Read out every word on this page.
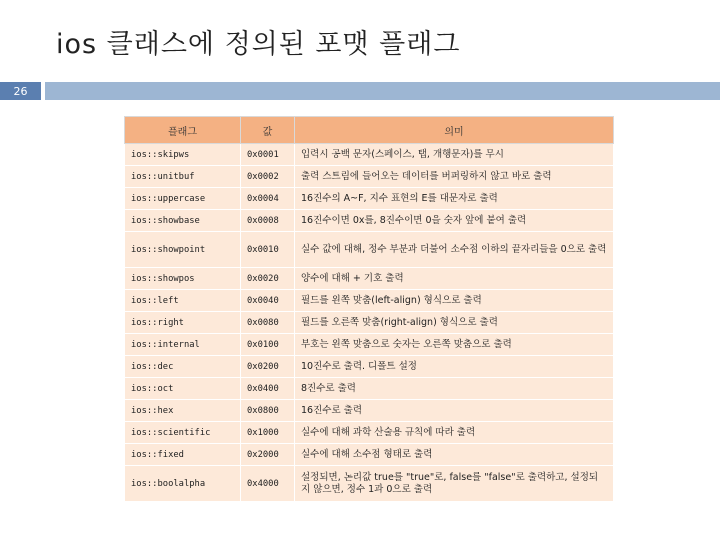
ios 클래스에 정의된 포맷 플래그
26
플래그	값	의미
ios::skipws	0x0001	입력시 공백 문자(스페이스, 탭, 개행문자)를 무시
ios::unitbuf	0x0002	출력 스트림에 들어오는 데이터를 버퍼링하지 않고 바로 출력
ios::uppercase	0x0004	16진수의 A~F, 지수 표현의 E를 대문자로 출력
ios::showbase	0x0008	16진수이면 0x를, 8진수이면 0을 숫자 앞에 붙여 출력
ios::showpoint	0x0010	실수 값에 대해, 정수 부분과 더불어 소수점 이하의 끝자리들을 0으로 출력
ios::showpos	0x0020	양수에 대해 + 기호 출력
ios::left	0x0040	필드를 왼쪽 맞춤(left-align) 형식으로 출력
ios::right	0x0080	필드를 오른쪽 맞춤(right-align) 형식으로 출력
ios::internal	0x0100	부호는 왼쪽 맞춤으로 숫자는 오른쪽 맞춤으로 출력
ios::dec	0x0200	10진수로 출력. 디폴트 설정
ios::oct	0x0400	8진수로 출력
ios::hex	0x0800	16진수로 출력
ios::scientific	0x1000	실수에 대해 과학 산술용 규칙에 따라 출력
ios::fixed	0x2000	실수에 대해 소수점 형태로 출력
ios::boolalpha	0x4000	설정되면, 논리값 true를 "true"로, false를 "false"로 출력하고, 설정되지 않으면, 정수 1과 0으로 출력
